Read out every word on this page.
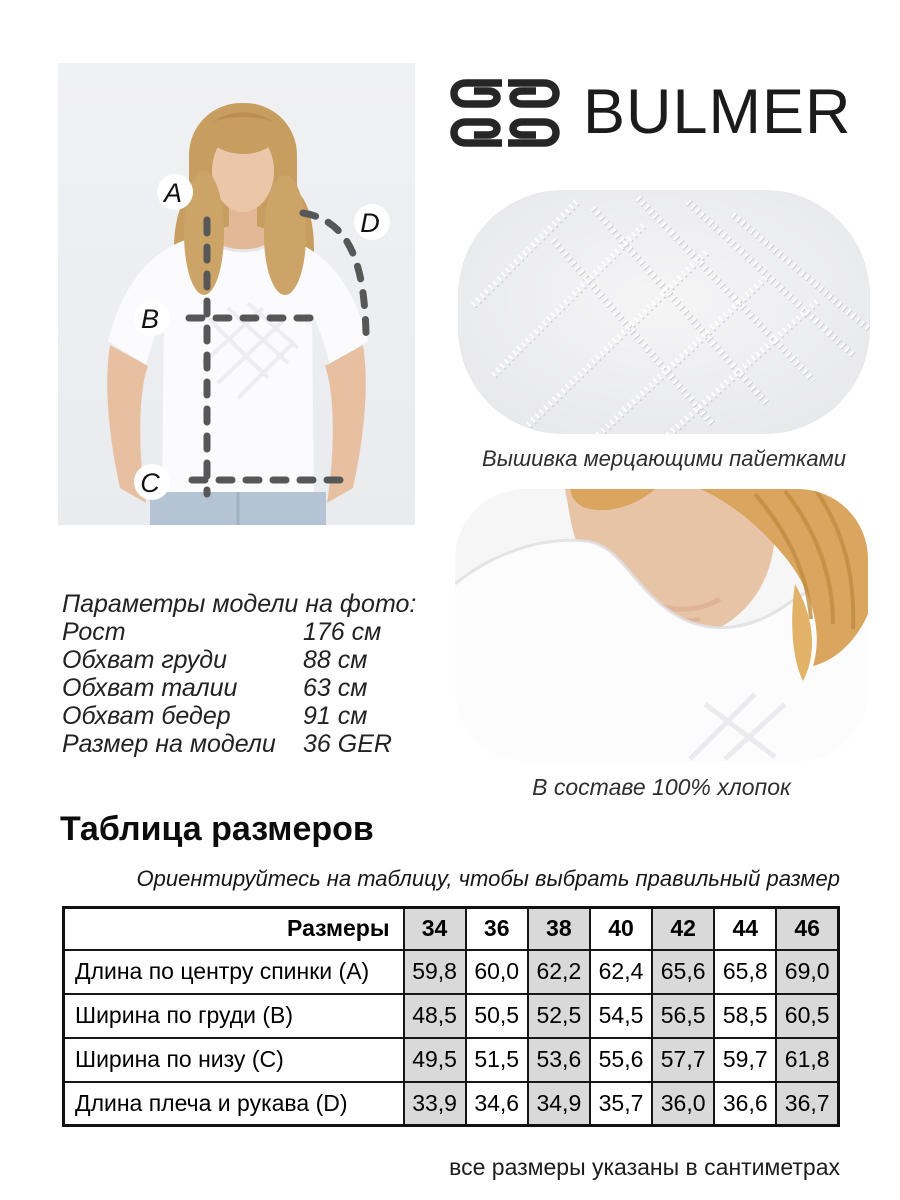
A
B
C
D
BULMER
Вышивка мерцающими пайетками
В составе 100% хлопок
Параметры модели на фото:
Рост	176 см
Обхват груди	88 см
Обхват талии	63 см
Обхват бедер	91 см
Размер на модели	36 GER
Таблица размеров
Ориентируйтесь на таблицу, чтобы выбрать правильный размер
Размеры	34	36	38	40	42	44	46
Длина по центру спинки (A)	59,8	60,0	62,2	62,4	65,6	65,8	69,0
Ширина по груди (B)	48,5	50,5	52,5	54,5	56,5	58,5	60,5
Ширина по низу (C)	49,5	51,5	53,6	55,6	57,7	59,7	61,8
Длина плеча и рукава (D)	33,9	34,6	34,9	35,7	36,0	36,6	36,7
все размеры указаны в сантиметрах
